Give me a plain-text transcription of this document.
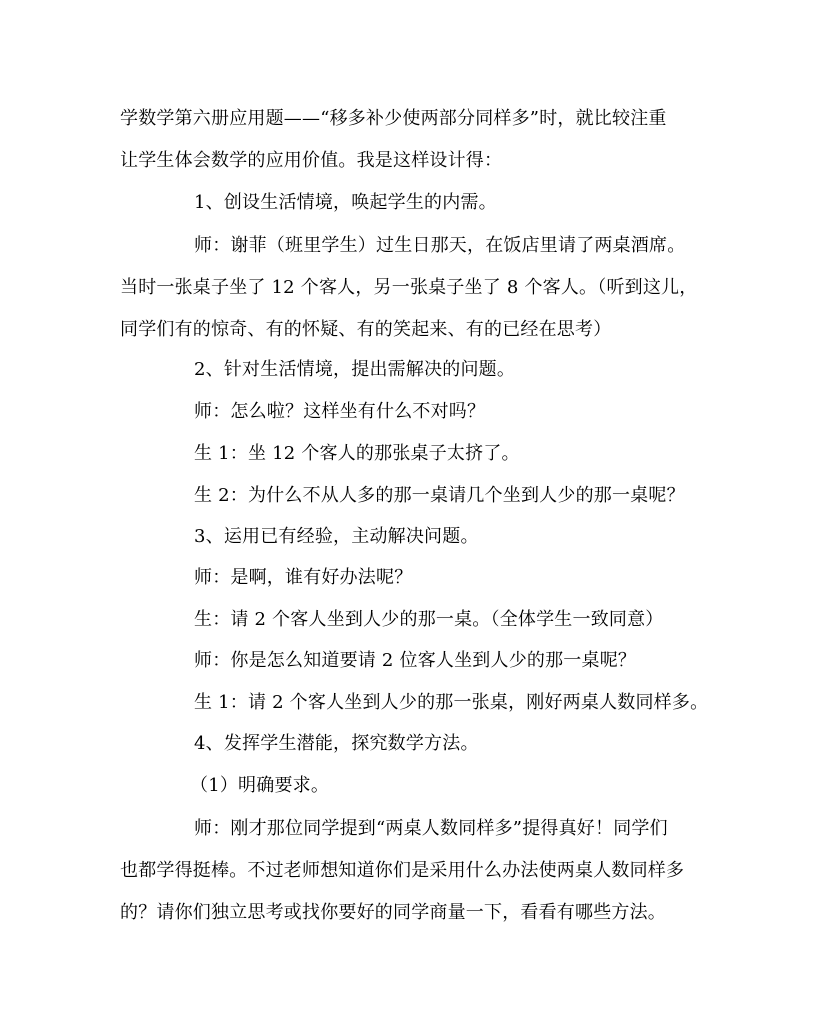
学数学第六册应用题——“移多补少使两部分同样多”时，就比较注重
让学生体会数学的应用价值。我是这样设计得：
1、创设生活情境，唤起学生的内需。
师：谢菲（班里学生）过生日那天，在饭店里请了两桌酒席。
当时一张桌子坐了 12 个客人，另一张桌子坐了 8 个客人。（听到这儿，
同学们有的惊奇、有的怀疑、有的笑起来、有的已经在思考）
2、针对生活情境，提出需解决的问题。
师：怎么啦？这样坐有什么不对吗？
生 1：坐 12 个客人的那张桌子太挤了。
生 2：为什么不从人多的那一桌请几个坐到人少的那一桌呢？
3、运用已有经验，主动解决问题。
师：是啊，谁有好办法呢？
生：请 2 个客人坐到人少的那一桌。（全体学生一致同意）
师：你是怎么知道要请 2 位客人坐到人少的那一桌呢？
生 1：请 2 个客人坐到人少的那一张桌，刚好两桌人数同样多。
4、发挥学生潜能，探究数学方法。
（1）明确要求。
师：刚才那位同学提到“两桌人数同样多”提得真好！同学们
也都学得挺棒。不过老师想知道你们是采用什么办法使两桌人数同样多
的？请你们独立思考或找你要好的同学商量一下，看看有哪些方法。
